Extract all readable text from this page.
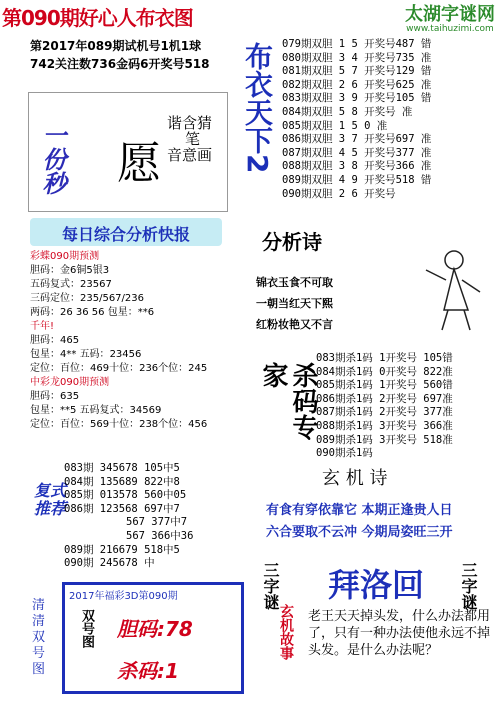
第090期好心人布衣图	太湖字谜网
www.taihuzimi.com
第2017年089期试机号1机1球
742关注数736金码6开奖号518
一份秒 愿
谐含猜
笔
音意画	布衣天下2 079期双胆 1 5 开奖号487 错
080期双胆 3 4 开奖号735 准
081期双胆 5 7 开奖号129 错
082期双胆 2 6 开奖号625 准
083期双胆 3 9 开奖号105 错
084期双胆 5 8 开奖号 准
085期双胆 1 5 0 准
086期双胆 3 7 开奖号697 准
087期双胆 4 5 开奖号377 准
088期双胆 3 8 开奖号366 准
089期双胆 4 9 开奖号518 错
090期双胆 2 6 开奖号
每日综合分析快报
彩蝶090期预测
胆码：金6铜5银3
五码复式：23567
三码定位：235/567/236
两码：26 36 56 包星：**6
千年!
胆码：465
包星：4** 五码：23456
定位：百位：469十位：236个位：245
中彩龙090期预测
胆码：635
包星：**5 五码复式：34569
定位：百位：569十位：238个位：456
分析诗
锦衣玉食不可取
一朝当红天下熙
红粉妆艳又不言
杀码专家
083期杀1码 1开奖号 105错
084期杀1码 0开奖号 822准
085期杀1码 1开奖号 560错
086期杀1码 2开奖号 697准
087期杀1码 2开奖号 377准
088期杀1码 3开奖号 366准
089期杀1码 3开奖号 518准
090期杀1码
复式推荐
083期 345678 105中5
084期 135689 822中8
085期 013578 560中05
086期 123568 697中7
567 377中7
567 366中36
089期 216679 518中5
090期 245678 中
玄 机 诗
有食有穿依靠它 本期正逢贵人日
六合要取不云冲 今期局姿旺三开
清清双号图
2017年福彩3D第090期
双号图 胆码:78
杀码:1
三字谜	三字谜
拜洛回
玄机故事 老王天天掉头发，什么办法都用了，只有一种办法使他永远不掉头发。是什么办法呢？
